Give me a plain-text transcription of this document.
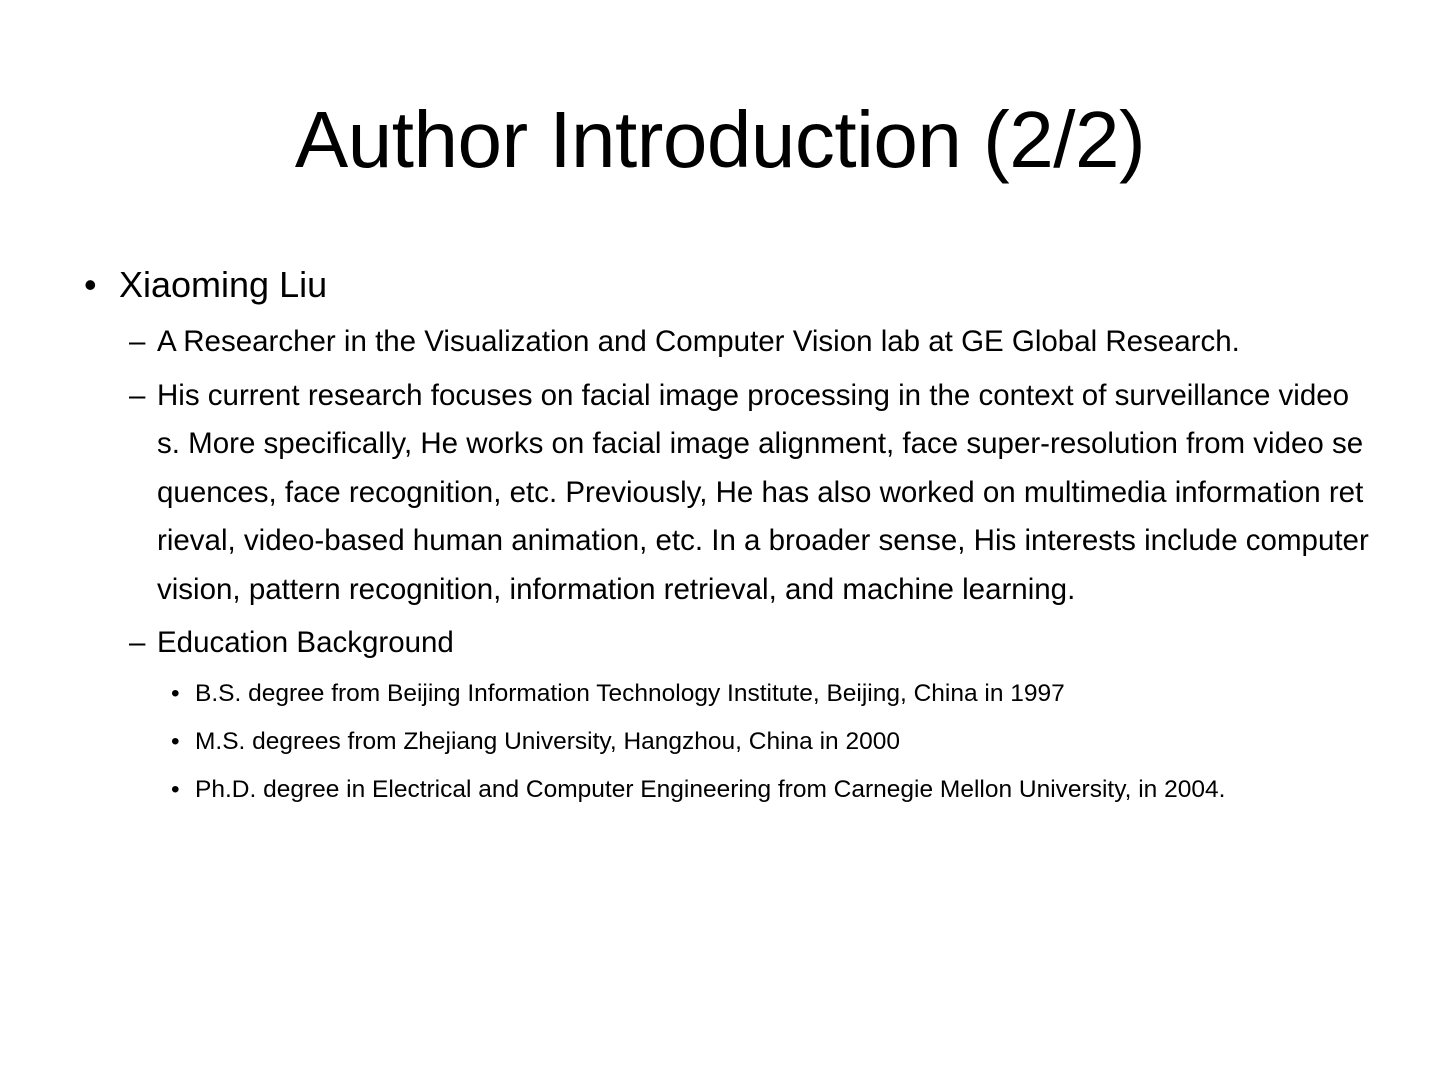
Author Introduction (2/2)
• Xiaoming Liu
– A Researcher in the Visualization and Computer Vision lab at GE Global Research.
– His current research focuses on facial image processing in the context of surveillance videos. More specifically, He works on facial image alignment, face super-resolution from video sequences, face recognition, etc. Previously, He has also worked on multimedia information retrieval, video-based human animation, etc. In a broader sense, His interests include computer vision, pattern recognition, information retrieval, and machine learning.
– Education Background
• B.S. degree from Beijing Information Technology Institute, Beijing, China in 1997
• M.S. degrees from Zhejiang University, Hangzhou, China in 2000
• Ph.D. degree in Electrical and Computer Engineering from Carnegie Mellon University, in 2004.
